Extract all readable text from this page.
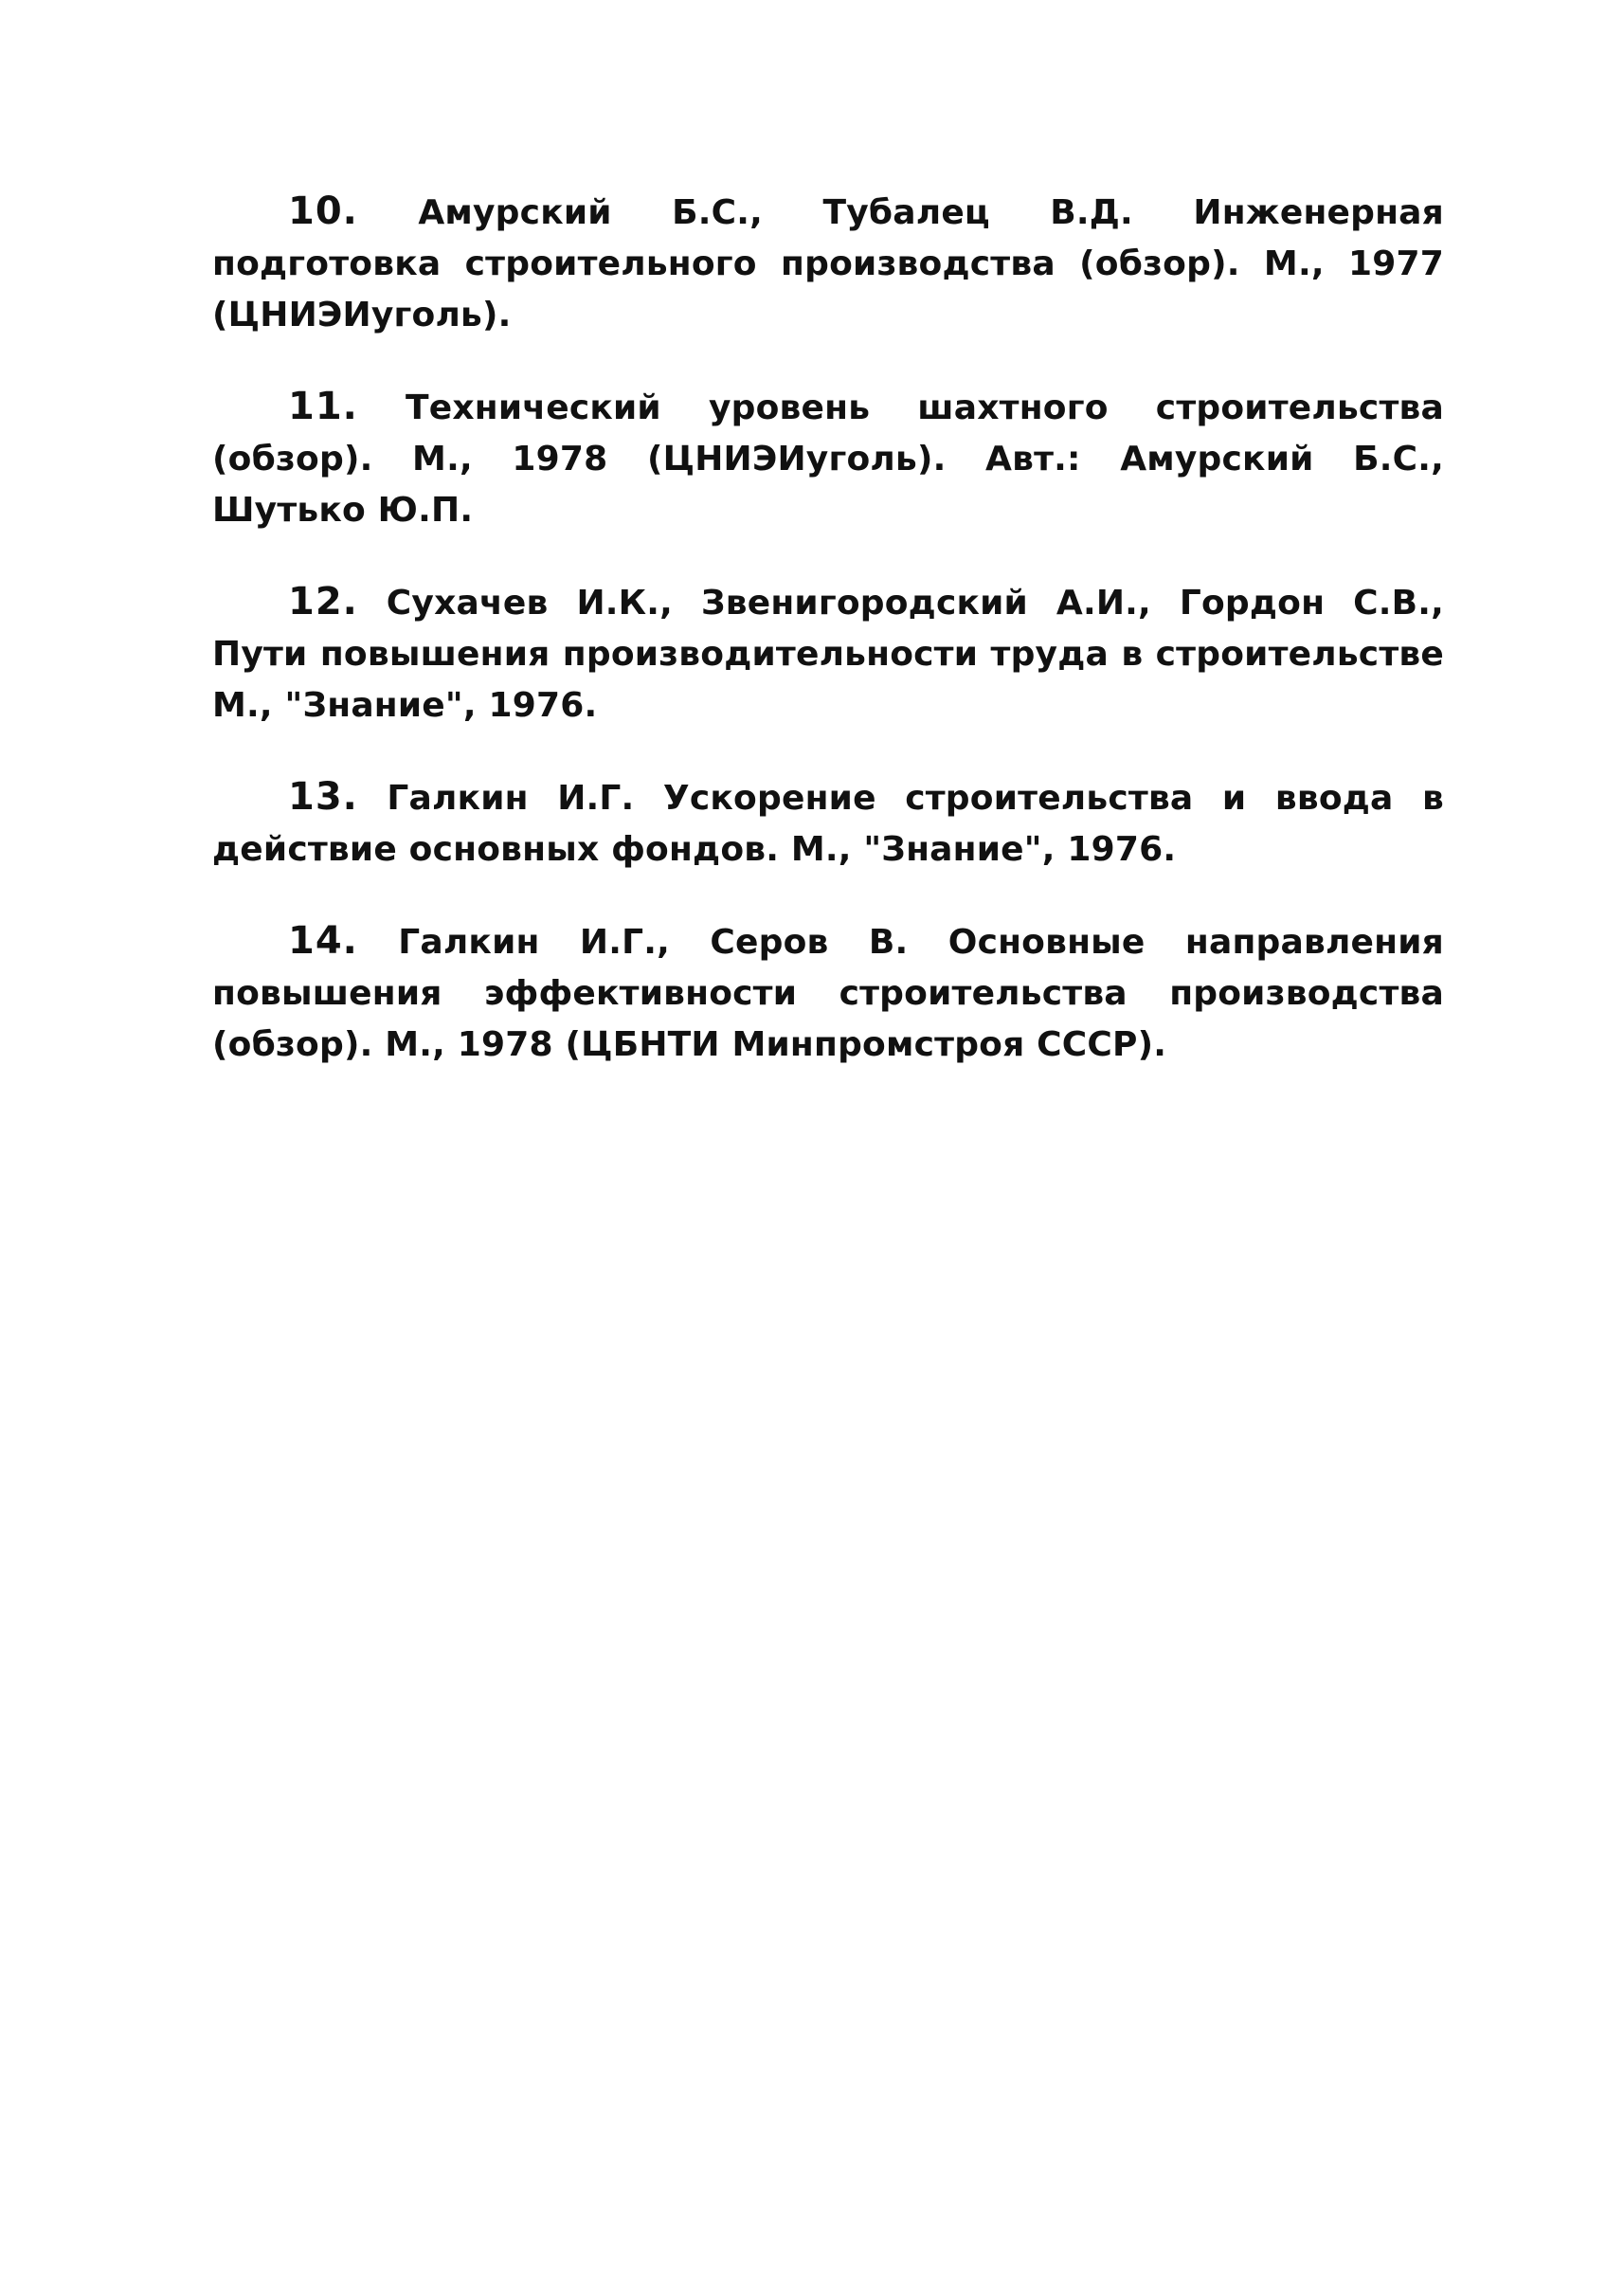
10. Амурский Б.С., Тубалец В.Д. Инженерная подготовка строительного производства (обзор). М., 1977 (ЦНИЭИуголь).
11. Технический уровень шахтного строительства (обзор). М., 1978 (ЦНИЭИуголь). Авт.: Амурский Б.С., Шутько Ю.П.
12. Сухачев И.К., Звенигородский А.И., Гордон С.В., Пути повышения производительности труда в строительстве М., "Знание", 1976.
13. Галкин И.Г. Ускорение строительства и ввода в действие основных фондов. М., "Знание", 1976.
14. Галкин И.Г., Серов В. Основные направления повышения эффективности строительства производства (обзор). М., 1978 (ЦБНТИ Минпромстроя СССР).
